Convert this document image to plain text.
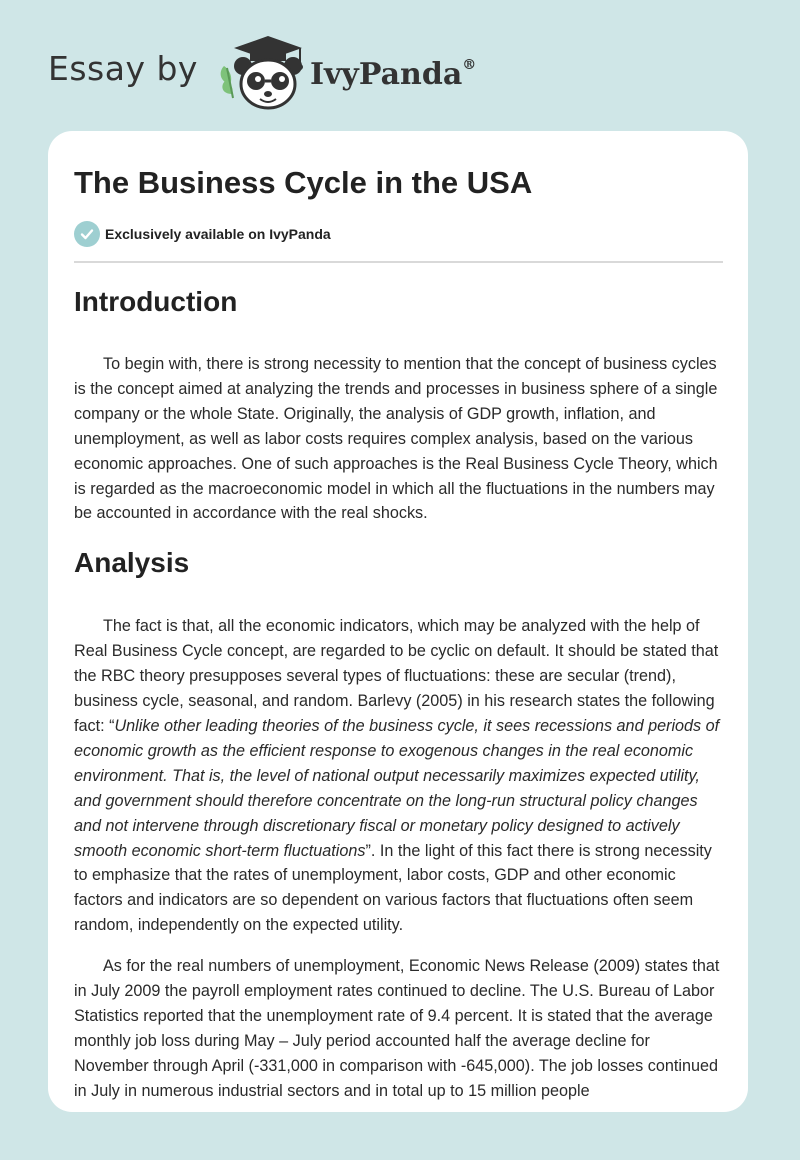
Essay by	IvyPanda®
The Business Cycle in the USA
Exclusively available on IvyPanda
Introduction

To begin with, there is strong necessity to mention that the concept of business cycles is the concept aimed at analyzing the trends and processes in business sphere of a single company or the whole State. Originally, the analysis of GDP growth, inflation, and unemployment, as well as labor costs requires complex analysis, based on the various economic approaches. One of such approaches is the Real Business Cycle Theory, which is regarded as the macroeconomic model in which all the fluctuations in the numbers may be accounted in accordance with the real shocks.

Analysis

The fact is that, all the economic indicators, which may be analyzed with the help of Real Business Cycle concept, are regarded to be cyclic on default. It should be stated that the RBC theory presupposes several types of fluctuations: these are secular (trend), business cycle, seasonal, and random. Barlevy (2005) in his research states the following fact: “Unlike other leading theories of the business cycle, it sees recessions and periods of economic growth as the efficient response to exogenous changes in the real economic environment. That is, the level of national output necessarily maximizes expected utility, and government should therefore concentrate on the long-run structural policy changes and not intervene through discretionary fiscal or monetary policy designed to actively smooth economic short-term fluctuations”. In the light of this fact there is strong necessity to emphasize that the rates of unemployment, labor costs, GDP and other economic factors and indicators are so dependent on various factors that fluctuations often seem random, independently on the expected utility.

As for the real numbers of unemployment, Economic News Release (2009) states that in July 2009 the payroll employment rates continued to decline. The U.S. Bureau of Labor Statistics reported that the unemployment rate of 9.4 percent. It is stated that the average monthly job loss during May – July period accounted half the average decline for November through April (-331,000 in comparison with -645,000). The job losses continued in July in numerous industrial sectors and in total up to 15 million people
